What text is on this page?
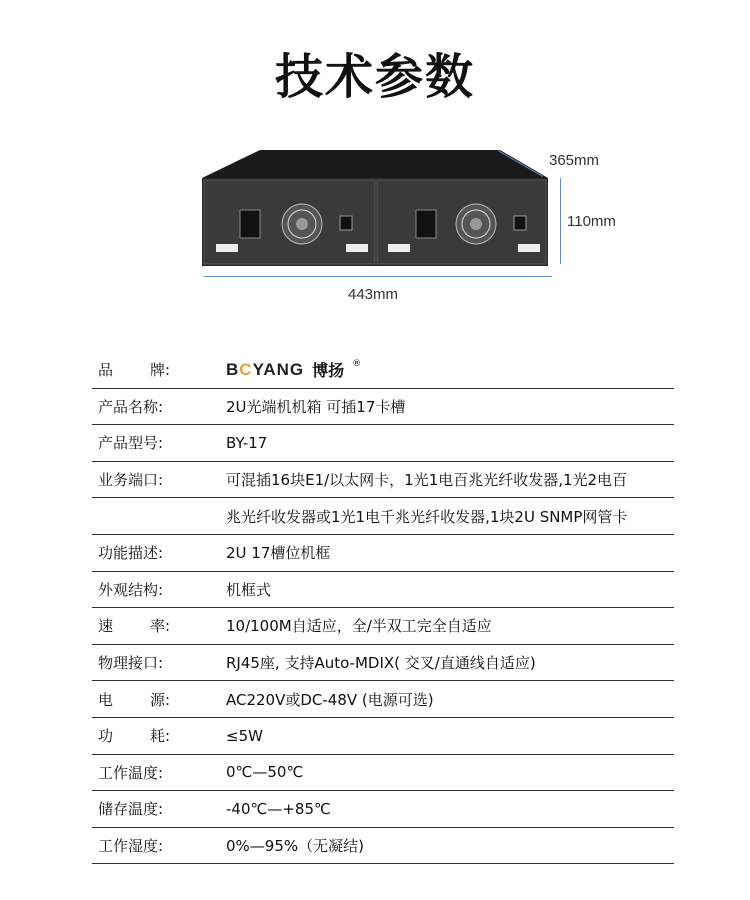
技术参数
365mm
110mm
443mm
品 牌:	BCYANG 博扬 ®
产品名称:	2U光端机机箱 可插17卡槽
产品型号:	BY-17
业务端口:	可混插16块E1/以太网卡，1光1电百兆光纤收发器,1光2电百
兆光纤收发器或1光1电千兆光纤收发器,1块2U SNMP网管卡
功能描述:	2U 17槽位机框
外观结构:	机框式
速 率:	10/100M自适应，全/半双工完全自适应
物理接口:	RJ45座, 支持Auto-MDIX( 交叉/直通线自适应)
电 源:	AC220V或DC-48V (电源可选)
功 耗:	≤5W
工作温度:	0℃—50℃
储存温度:	-40℃—+85℃
工作湿度:	0%—95%（无凝结)
